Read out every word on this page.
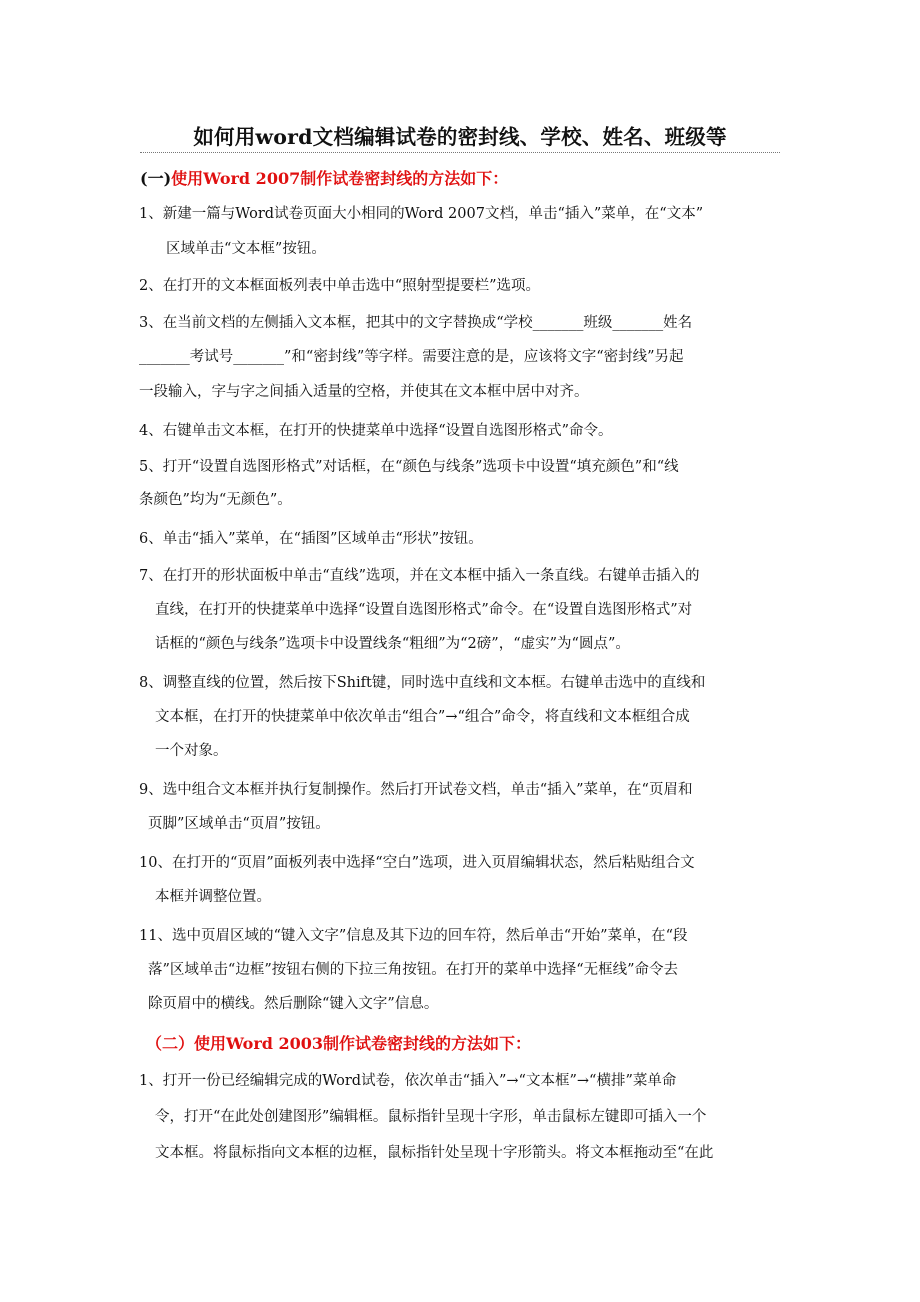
如何用word文档编辑试卷的密封线、学校、姓名、班级等
(一)使用Word 2007制作试卷密封线的方法如下：
1、新建一篇与Word试卷页面大小相同的Word 2007文档，单击“插入”菜单，在“文本”
区域单击“文本框”按钮。
2、在打开的文本框面板列表中单击选中“照射型提要栏”选项。
3、在当前文档的左侧插入文本框，把其中的文字替换成“学校_______班级_______姓名
_______考试号_______”和“密封线”等字样。需要注意的是，应该将文字“密封线”另起
一段输入，字与字之间插入适量的空格，并使其在文本框中居中对齐。
4、右键单击文本框，在打开的快捷菜单中选择“设置自选图形格式”命令。
5、打开“设置自选图形格式”对话框，在“颜色与线条”选项卡中设置“填充颜色”和“线
条颜色”均为“无颜色”。
6、单击“插入”菜单，在“插图”区域单击“形状”按钮。
7、在打开的形状面板中单击“直线”选项，并在文本框中插入一条直线。右键单击插入的
直线，在打开的快捷菜单中选择“设置自选图形格式”命令。在“设置自选图形格式”对
话框的“颜色与线条”选项卡中设置线条“粗细”为“2磅”，“虚实”为“圆点”。
8、调整直线的位置，然后按下Shift键，同时选中直线和文本框。右键单击选中的直线和
文本框，在打开的快捷菜单中依次单击“组合”→“组合”命令，将直线和文本框组合成
一个对象。
9、选中组合文本框并执行复制操作。然后打开试卷文档，单击“插入”菜单，在“页眉和
页脚”区域单击“页眉”按钮。
10、在打开的“页眉”面板列表中选择“空白”选项，进入页眉编辑状态，然后粘贴组合文
本框并调整位置。
11、选中页眉区域的“键入文字”信息及其下边的回车符，然后单击“开始”菜单，在“段
落”区域单击“边框”按钮右侧的下拉三角按钮。在打开的菜单中选择“无框线”命令去
除页眉中的横线。然后删除“键入文字”信息。
（二）使用Word 2003制作试卷密封线的方法如下：
1、打开一份已经编辑完成的Word试卷，依次单击“插入”→“文本框”→“横排”菜单命
令，打开“在此处创建图形”编辑框。鼠标指针呈现十字形，单击鼠标左键即可插入一个
文本框。将鼠标指向文本框的边框，鼠标指针处呈现十字形箭头。将文本框拖动至“在此
